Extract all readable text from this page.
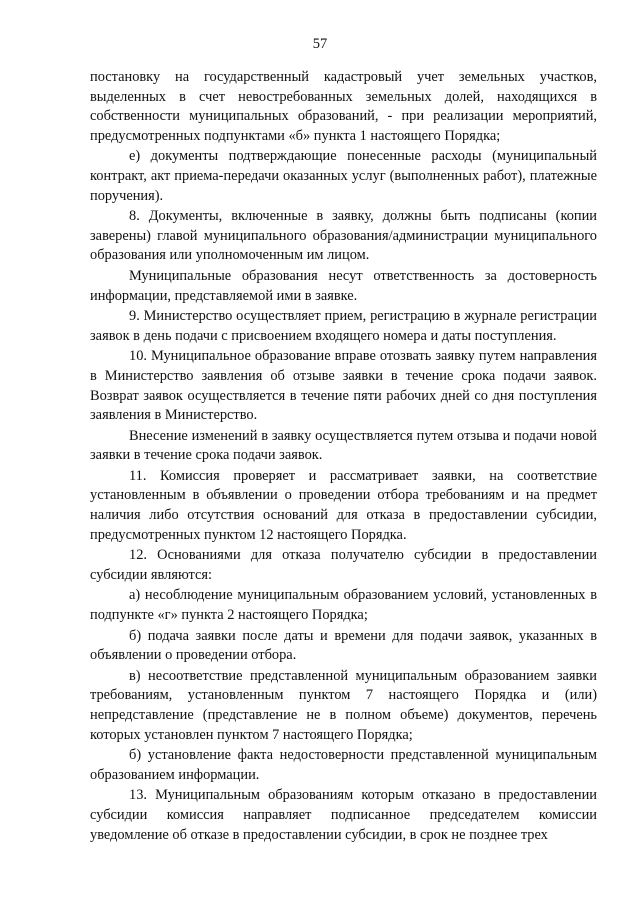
57

постановку на государственный кадастровый учет земельных участков, выделенных в счет невостребованных земельных долей, находящихся в собственности муниципальных образований, - при реализации мероприятий, предусмотренных подпунктами «б» пункта 1 настоящего Порядка;

е) документы подтверждающие понесенные расходы (муниципальный контракт, акт приема-передачи оказанных услуг (выполненных работ), платежные поручения).

8. Документы, включенные в заявку, должны быть подписаны (копии заверены) главой муниципального образования/администрации муниципального образования или уполномоченным им лицом.

Муниципальные образования несут ответственность за достоверность информации, представляемой ими в заявке.

9. Министерство осуществляет прием, регистрацию в журнале регистрации заявок в день подачи с присвоением входящего номера и даты поступления.

10. Муниципальное образование вправе отозвать заявку путем направления в Министерство заявления об отзыве заявки в течение срока подачи заявок. Возврат заявок осуществляется в течение пяти рабочих дней со дня поступления заявления в Министерство.

Внесение изменений в заявку осуществляется путем отзыва и подачи новой заявки в течение срока подачи заявок.

11. Комиссия проверяет и рассматривает заявки, на соответствие установленным в объявлении о проведении отбора требованиям и на предмет наличия либо отсутствия оснований для отказа в предоставлении субсидии, предусмотренных пунктом 12 настоящего Порядка.

12. Основаниями для отказа получателю субсидии в предоставлении субсидии являются:

а) несоблюдение муниципальным образованием условий, установленных в подпункте «г» пункта 2 настоящего Порядка;

б) подача заявки после даты и времени для подачи заявок, указанных в объявлении о проведении отбора.

в) несоответствие представленной муниципальным образованием заявки требованиям, установленным пунктом 7 настоящего Порядка и (или) непредставление (представление не в полном объеме) документов, перечень которых установлен пунктом 7 настоящего Порядка;

б) установление факта недостоверности представленной муниципальным образованием информации.

13. Муниципальным образованиям которым отказано в предоставлении субсидии комиссия направляет подписанное председателем комиссии уведомление об отказе в предоставлении субсидии, в срок не позднее трех
